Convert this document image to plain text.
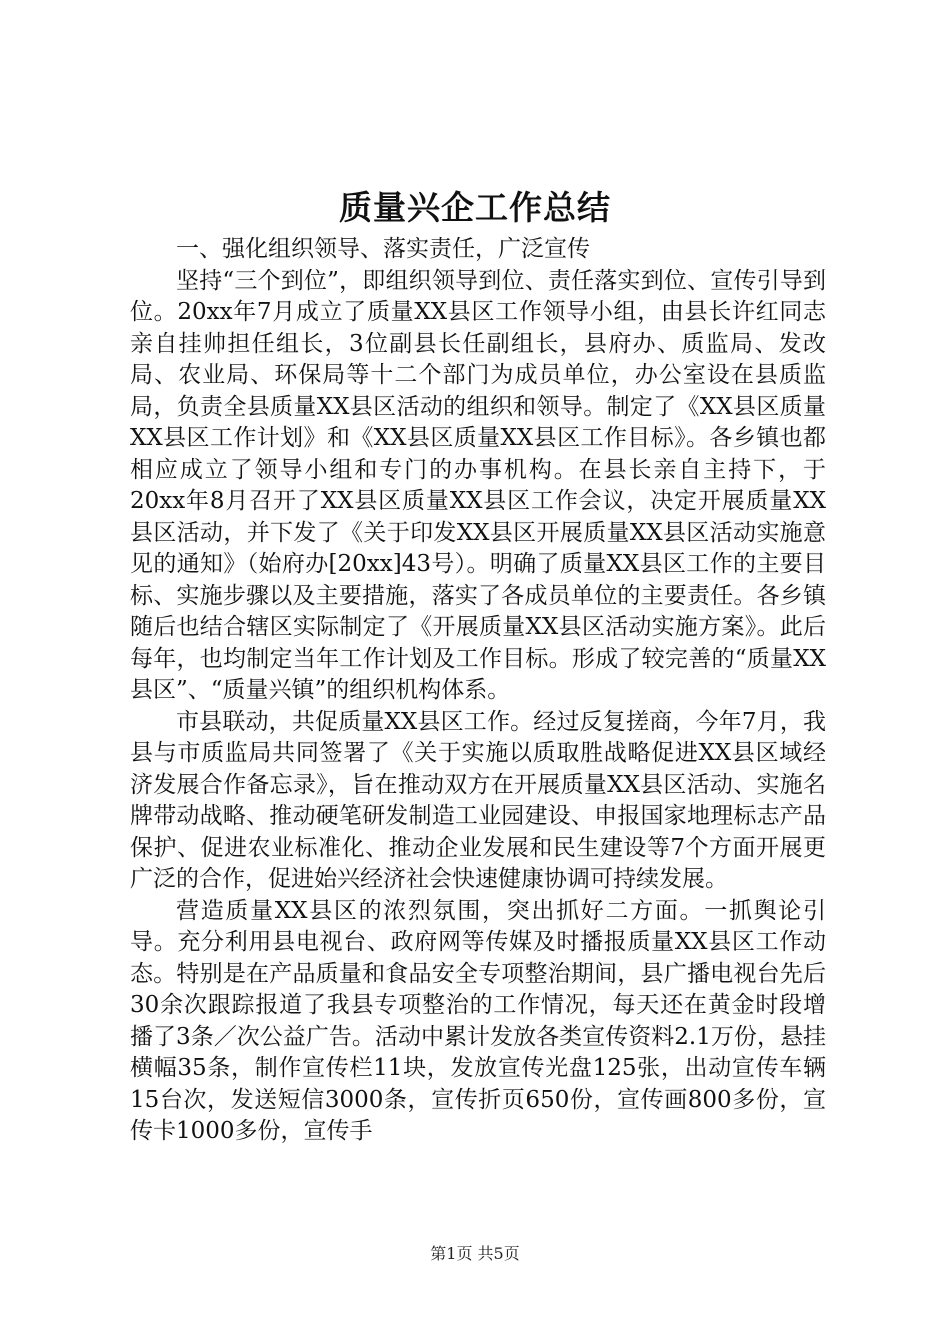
质量兴企工作总结

一、强化组织领导、落实责任，广泛宣传

坚持“三个到位”，即组织领导到位、责任落实到位、宣传引导到位。20xx年7月成立了质量XX县区工作领导小组，由县长许红同志亲自挂帅担任组长，3位副县长任副组长，县府办、质监局、发改局、农业局、环保局等十二个部门为成员单位，办公室设在县质监局，负责全县质量XX县区活动的组织和领导。制定了《XX县区质量XX县区工作计划》和《XX县区质量XX县区工作目标》。各乡镇也都相应成立了领导小组和专门的办事机构。在县长亲自主持下，于20xx年8月召开了XX县区质量XX县区工作会议，决定开展质量XX县区活动，并下发了《关于印发XX县区开展质量XX县区活动实施意见的通知》（始府办[20xx]43号）。明确了质量XX县区工作的主要目标、实施步骤以及主要措施，落实了各成员单位的主要责任。各乡镇随后也结合辖区实际制定了《开展质量XX县区活动实施方案》。此后每年，也均制定当年工作计划及工作目标。形成了较完善的“质量XX县区”、“质量兴镇”的组织机构体系。

市县联动，共促质量XX县区工作。经过反复搓商，今年7月，我县与市质监局共同签署了《关于实施以质取胜战略促进XX县区域经济发展合作备忘录》，旨在推动双方在开展质量XX县区活动、实施名牌带动战略、推动硬笔研发制造工业园建设、申报国家地理标志产品保护、促进农业标准化、推动企业发展和民生建设等7个方面开展更广泛的合作，促进始兴经济社会快速健康协调可持续发展。

营造质量XX县区的浓烈氛围，突出抓好二方面。一抓舆论引导。充分利用县电视台、政府网等传媒及时播报质量XX县区工作动态。特别是在产品质量和食品安全专项整治期间，县广播电视台先后30余次跟踪报道了我县专项整治的工作情况，每天还在黄金时段增播了3条／次公益广告。活动中累计发放各类宣传资料2.1万份，悬挂横幅35条，制作宣传栏11块，发放宣传光盘125张，出动宣传车辆15台次，发送短信3000条，宣传折页650份，宣传画800多份，宣传卡1000多份，宣传手

第1页 共5页
